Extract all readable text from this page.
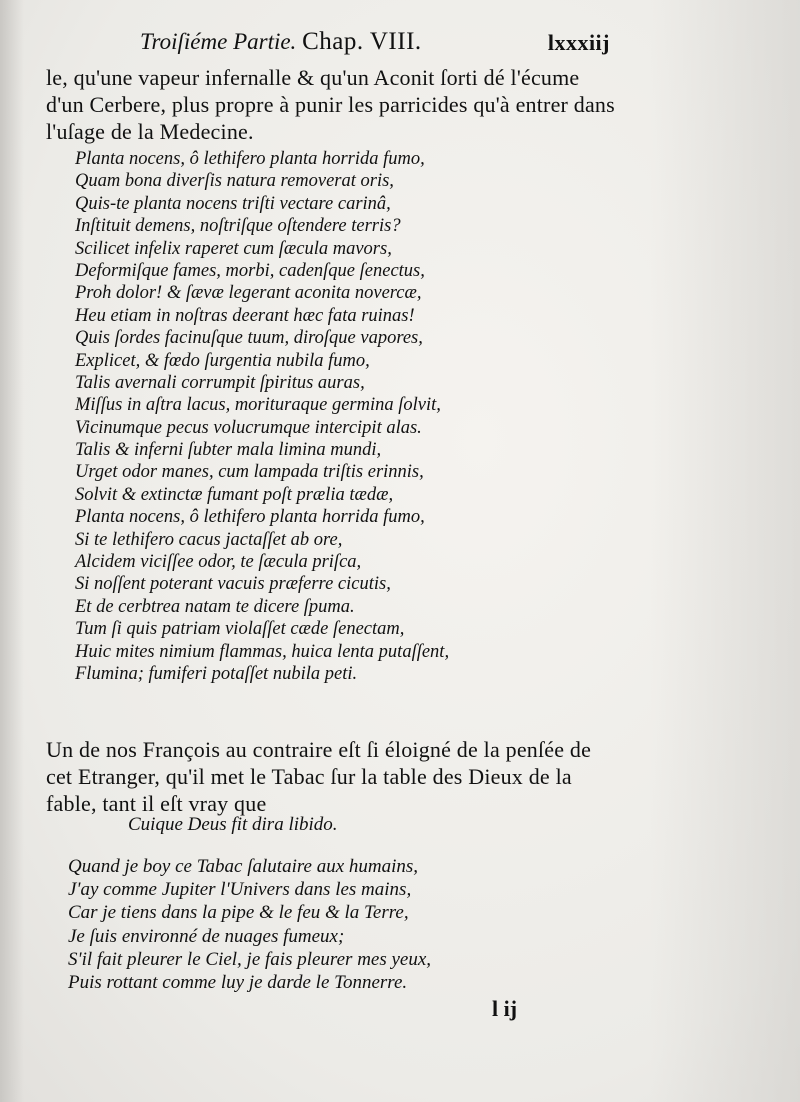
Troiſiéme Partie. Chap. VIII.	lxxxiij

le, qu'une vapeur infernalle & qu'un Aconit ſorti dé l'écume d'un Cerbere, plus propre à punir les parricides qu'à entrer dans l'uſage de la Medecine.

Planta nocens, ô lethifero planta horrida fumo,
Quam bona diverſis natura removerat oris,
Quis-te planta nocens triſti vectare carinâ,
Inſtituit demens, noſtriſque oſtendere terris?
Scilicet infelix raperet cum ſæcula mavors,
Deformiſque fames, morbi, cadenſque ſenectus,
Proh dolor! & ſævæ legerant aconita novercæ,
Heu etiam in noſtras deerant hæc fata ruinas!
Quis ſordes facinuſque tuum, diroſque vapores,
Explicet, & fœdo ſurgentia nubila fumo,
Talis avernali corrumpit ſpiritus auras,
Miſſus in aſtra lacus, morituraque germina ſolvit,
Vicinumque pecus volucrumque intercipit alas.
Talis & inferni ſubter mala limina mundi,
Urget odor manes, cum lampada triſtis erinnis,
Solvit & extinctæ fumant poſt prælia tædæ,
Planta nocens, ô lethifero planta horrida fumo,
Si te lethifero cacus jactaſſet ab ore,
Alcidem viciſſee odor, te ſæcula priſca,
Si noſſent poterant vacuis præferre cicutis,
Et de cerbtrea natam te dicere ſpuma.
Tum ſi quis patriam violaſſet cæde ſenectam,
Huic mites nimium flammas, huica lenta putaſſent,
Flumina; fumiferi potaſſet nubila peti.

Un de nos François au contraire eſt ſi éloigné de la penſée de cet Etranger, qu'il met le Tabac ſur la table des Dieux de la fable, tant il eſt vray que

Cuique Deus fit dira libido.
Quand je boy ce Tabac ſalutaire aux humains,
J'ay comme Jupiter l'Univers dans les mains,
Car je tiens dans la pipe & le feu & la Terre,
Je ſuis environné de nuages fumeux;
S'il fait pleurer le Ciel, je fais pleurer mes yeux,
Puis rottant comme luy je darde le Tonnerre.
l ij
